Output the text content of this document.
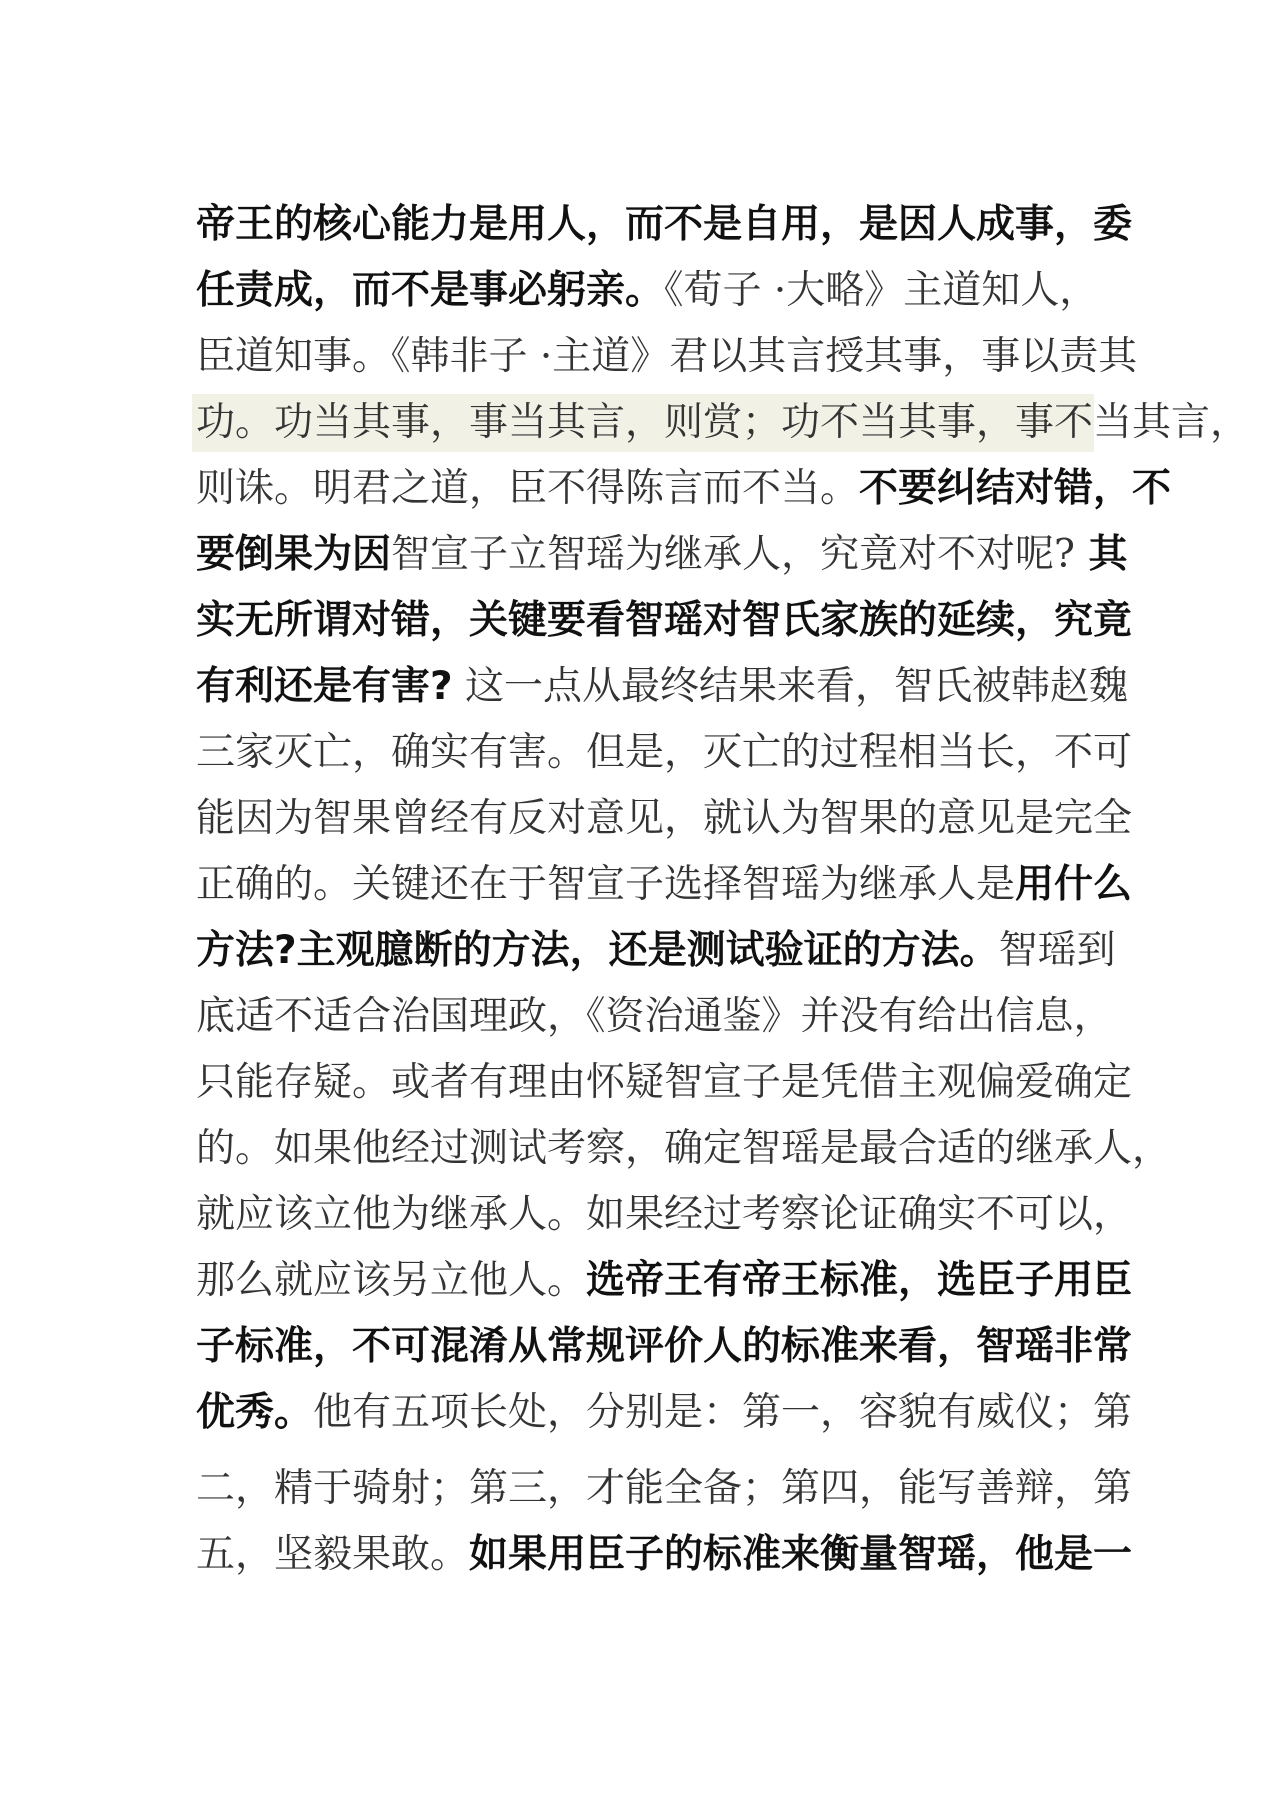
帝王的核心能力是用人，而不是自用，是因人成事，委
任责成，而不是事必躬亲。《荀子 ·大略》主道知人，
臣道知事。《韩非子 ·主道》君以其言授其事，事以责其
功。功当其事，事当其言，则赏；功不当其事，事不当其言，
则诛。明君之道，臣不得陈言而不当。不要纠结对错，不
要倒果为因智宣子立智瑶为继承人，究竟对不对呢? 其
实无所谓对错，关键要看智瑶对智氏家族的延续，究竟
有利还是有害? 这一点从最终结果来看，智氏被韩赵魏
三家灭亡，确实有害。但是，灭亡的过程相当长，不可
能因为智果曾经有反对意见，就认为智果的意见是完全
正确的。关键还在于智宣子选择智瑶为继承人是用什么
方法?主观臆断的方法，还是测试验证的方法。智瑶到
底适不适合治国理政，《资治通鉴》并没有给出信息，
只能存疑。或者有理由怀疑智宣子是凭借主观偏爱确定
的。如果他经过测试考察，确定智瑶是最合适的继承人，
就应该立他为继承人。如果经过考察论证确实不可以，
那么就应该另立他人。选帝王有帝王标准，选臣子用臣
子标准，不可混淆从常规评价人的标准来看，智瑶非常
优秀。他有五项长处，分别是：第一，容貌有威仪；第
二，精于骑射；第三，才能全备；第四，能写善辩，第
五，坚毅果敢。如果用臣子的标准来衡量智瑶，他是一
